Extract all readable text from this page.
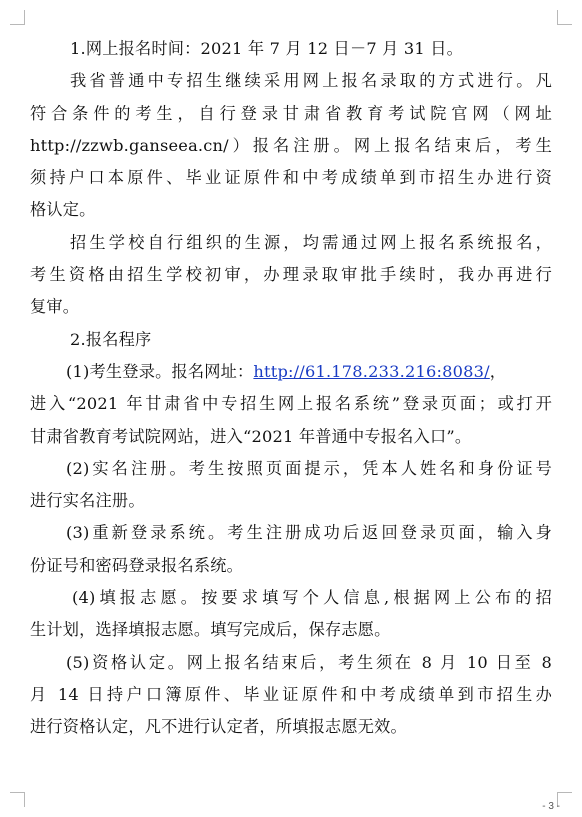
1.网上报名时间：2021 年 7 月 12 日－7 月 31 日。
我省普通中专招生继续采用网上报名录取的方式进行。凡
符合条件的考生，自行登录甘肃省教育考试院官网（网址
http://zzwb.ganseea.cn/）报名注册。网上报名结束后，考生
须持户口本原件、毕业证原件和中考成绩单到市招生办进行资
格认定。
招生学校自行组织的生源，均需通过网上报名系统报名，
考生资格由招生学校初审，办理录取审批手续时，我办再进行
复审。
2.报名程序
(1)考生登录。报名网址：http://61.178.233.216:8083/，
进入“2021 年甘肃省中专招生网上报名系统”登录页面；或打开
甘肃省教育考试院网站，进入“2021 年普通中专报名入口”。
(2)实名注册。考生按照页面提示，凭本人姓名和身份证号
进行实名注册。
(3)重新登录系统。考生注册成功后返回登录页面，输入身
份证号和密码登录报名系统。
(4)填报志愿。按要求填写个人信息,根据网上公布的招
生计划，选择填报志愿。填写完成后，保存志愿。
(5)资格认定。网上报名结束后，考生须在 8 月 10 日至 8
月 14 日持户口簿原件、毕业证原件和中考成绩单到市招生办
进行资格认定，凡不进行认定者，所填报志愿无效。
- 3 -
